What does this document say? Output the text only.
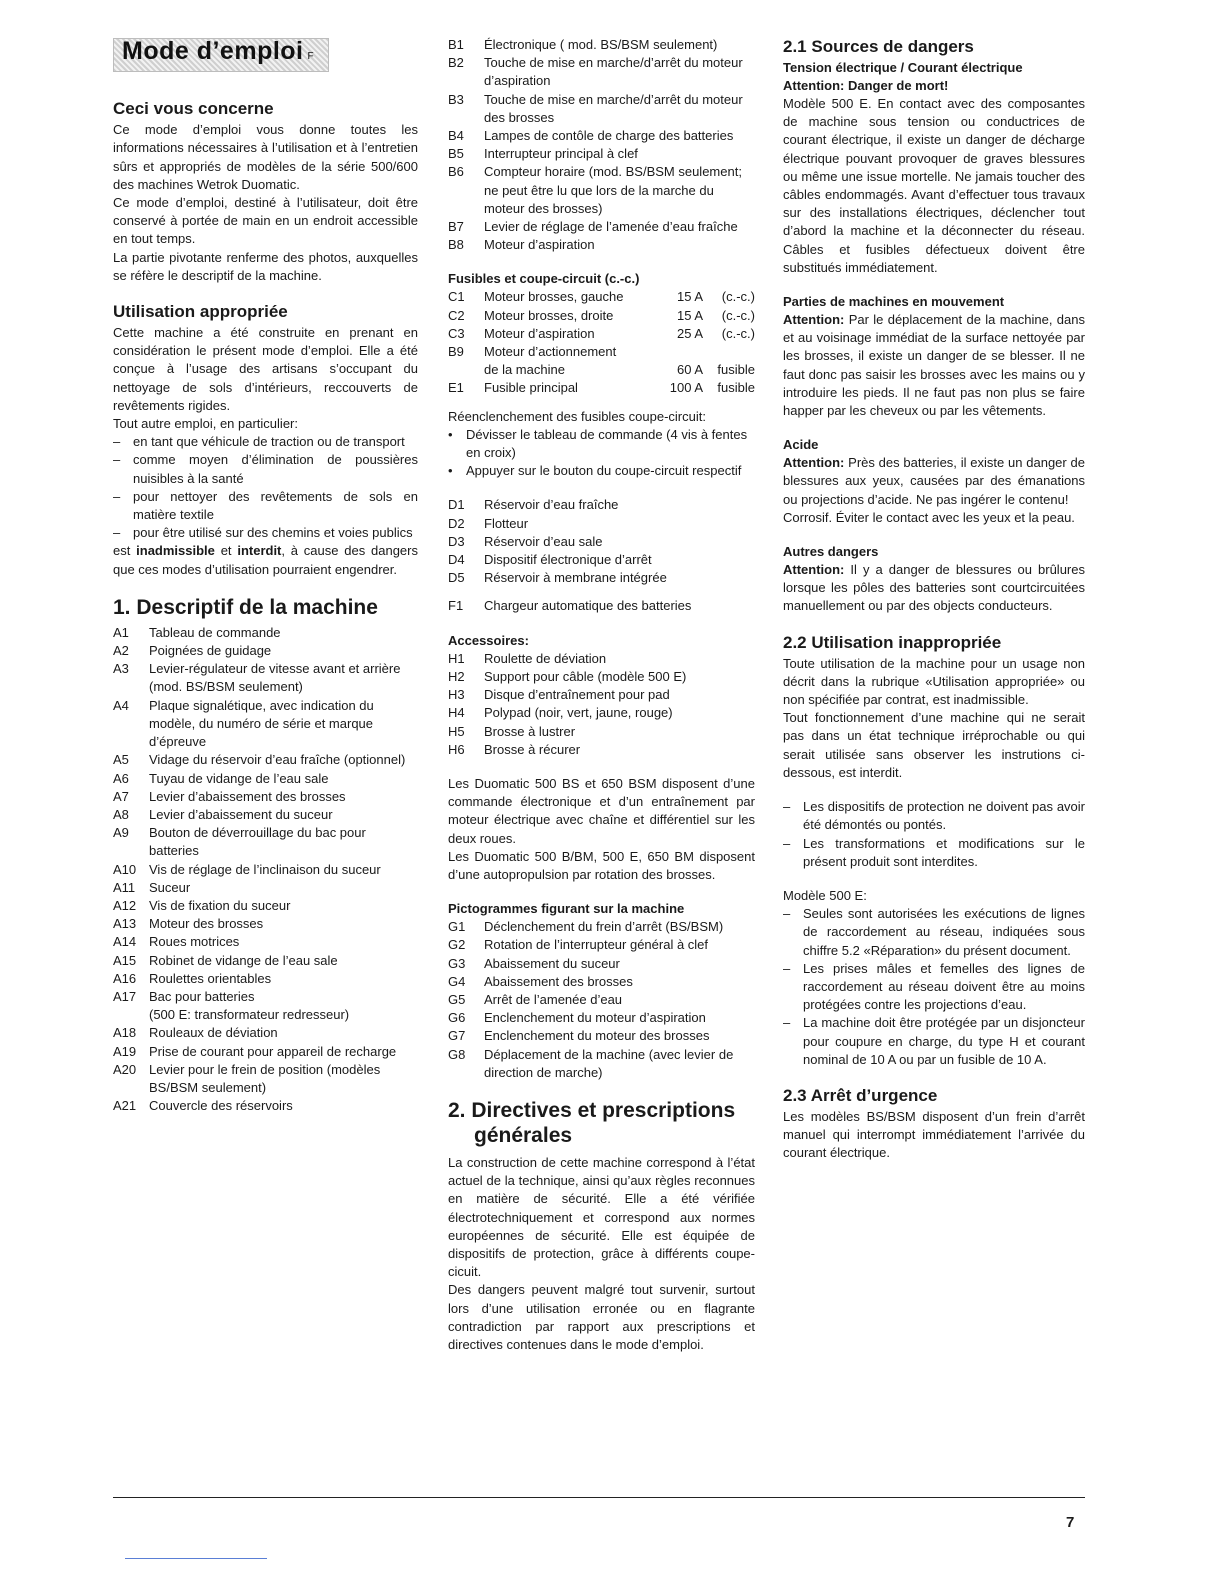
Mode d’emploi F
Ceci vous concerne

Ce mode d’emploi vous donne toutes les informations nécessaires à l’utilisation et à l’entretien sûrs et appropriés de modèles de la série 500/600 des machines Wetrok Duomatic.

Ce mode d’emploi, destiné à l’utilisateur, doit être conservé à portée de main en un endroit accessible en tout temps.

La partie pivotante renferme des photos, auxquelles se réfère le descriptif de la machine.

Utilisation appropriée

Cette machine a été construite en prenant en considération le présent mode d’emploi. Elle a été conçue à l’usage des artisans s’occupant du nettoyage de sols d’intérieurs, reccouverts de revêtements rigides.

Tout autre emploi, en particulier:

– en tant que véhicule de traction ou de transport
– comme moyen d’élimination de poussières nuisibles à la santé
– pour nettoyer des revêtements de sols en matière textile
– pour être utilisé sur des chemins et voies publics

est inadmissible et interdit, à cause des dangers que ces modes d’utilisation pourraient engendrer.

1. Descriptif de la machine
A1	Tableau de commande
A2	Poignées de guidage
A3	Levier-régulateur de vitesse avant et arrière (mod. BS/BSM seulement)
A4	Plaque signalétique, avec indication du modèle, du numéro de série et marque d’épreuve
A5	Vidage du réservoir d’eau fraîche (optionnel)
A6	Tuyau de vidange de l’eau sale
A7	Levier d’abaissement des brosses
A8	Levier d’abaissement du suceur
A9	Bouton de déverrouillage du bac pour batteries
A10 Vis de réglage de l’inclinaison du suceur
A11	Suceur
A12 Vis de fixation du suceur
A13 Moteur des brosses
A14 Roues motrices
A15 Robinet de vidange de l’eau sale
A16 Roulettes orientables
A17 Bac pour batteries
(500 E: transformateur redresseur)
A18 Rouleaux de déviation
A19 Prise de courant pour appareil de recharge
A20 Levier pour le frein de position (modèles BS/BSM seulement)
A21 Couvercle des réservoirs
B1	Électronique ( mod. BS/BSM seulement)
B2	Touche de mise en marche/d’arrêt du moteur d’aspiration
B3	Touche de mise en marche/d’arrêt du moteur des brosses
B4	Lampes de contôle de charge des batteries
B5	Interrupteur principal à clef
B6	Compteur horaire (mod. BS/BSM seulement; ne peut être lu que lors de la marche du moteur des brosses)
B7	Levier de réglage de l’amenée d’eau fraîche
B8	Moteur d’aspiration
Fusibles et coupe-circuit (c.-c.)
C1	Moteur brosses, gauche	15 A	(c.-c.)
C2	Moteur brosses, droite	15 A	(c.-c.)
C3	Moteur d’aspiration	25 A	(c.-c.)
B9	Moteur d’actionnement
de la machine	60 A	fusible
E1	Fusible principal	100 A	fusible

Réenclenchement des fusibles coupe-circuit:

•	Dévisser le tableau de commande (4 vis à fentes en croix)
•	Appuyer sur le bouton du coupe-circuit respectif
D1	Réservoir d’eau fraîche
D2	Flotteur
D3	Réservoir d’eau sale
D4	Dispositif électronique d’arrêt
D5	Réservoir à membrane intégrée
F1	Chargeur automatique des batteries
Accessoires:
H1	Roulette de déviation
H2	Support pour câble (modèle 500 E)
H3	Disque d’entraînement pour pad
H4	Polypad (noir, vert, jaune, rouge)
H5	Brosse à lustrer
H6	Brosse à récurer

Les Duomatic 500 BS et 650 BSM disposent d’une commande électronique et d’un entraînement par moteur électrique avec chaîne et différentiel sur les deux roues.

Les Duomatic 500 B/BM, 500 E, 650 BM disposent d’une autopropulsion par rotation des brosses.

Pictogrammes figurant sur la machine
G1	Déclenchement du frein d’arrêt (BS/BSM)
G2	Rotation de l’interrupteur général à clef
G3	Abaissement du suceur
G4	Abaissement des brosses
G5	Arrêt de l’amenée d’eau
G6	Enclenchement du moteur d’aspiration
G7	Enclenchement du moteur des brosses
G8	Déplacement de la machine (avec levier de direction de marche)
2. Directives et prescriptions
générales

La construction de cette machine correspond à l’état actuel de la technique, ainsi qu’aux règles reconnues en matière de sécurité. Elle a été vérifiée électrotechniquement et correspond aux normes européennes de sécurité. Elle est équipée de dispositifs de protection, grâce à différents coupe-cicuit.

Des dangers peuvent malgré tout survenir, surtout lors d’une utilisation erronée ou en flagrante contradiction par rapport aux prescriptions et directives contenues dans le mode d’emploi.

2.1 Sources de dangers
Tension électrique / Courant électrique
Attention: Danger de mort!

Modèle 500 E. En contact avec des composantes de machine sous tension ou conductrices de courant électrique, il existe un danger de décharge électrique pouvant provoquer de graves blessures ou même une issue mortelle. Ne jamais toucher des câbles endommagés. Avant d’effectuer tous travaux sur des installations électriques, déclencher tout d’abord la machine et la déconnecter du réseau. Câbles et fusibles défectueux doivent être substitués immédiatement.

Parties de machines en mouvement

Attention: Par le déplacement de la machine, dans et au voisinage immédiat de la surface nettoyée par les brosses, il existe un danger de se blesser. Il ne faut donc pas saisir les brosses avec les mains ou y introduire les pieds. Il ne faut pas non plus se faire happer par les cheveux ou par les vêtements.

Acide

Attention: Près des batteries, il existe un danger de blessures aux yeux, causées par des émanations ou projections d’acide. Ne pas ingérer le contenu!

Corrosif. Éviter le contact avec les yeux et la peau.

Autres dangers

Attention: Il y a danger de blessures ou brûlures lorsque les pôles des batteries sont courtcircuitées manuellement ou par des objects conducteurs.

2.2 Utilisation inappropriée

Toute utilisation de la machine pour un usage non décrit dans la rubrique «Utilisation appropriée» ou non spécifiée par contrat, est inadmissible.

Tout fonctionnement d’une machine qui ne serait pas dans un état technique irréprochable ou qui serait utilisée sans observer les instrutions ci-dessous, est interdit.

– Les dispositifs de protection ne doivent pas avoir été démontés ou pontés.
– Les transformations et modifications sur le présent produit sont interdites.

Modèle 500 E:

– Seules sont autorisées les exécutions de lignes de raccordement au réseau, indiquées sous chiffre 5.2 «Réparation» du présent document.
– Les prises mâles et femelles des lignes de raccordement au réseau doivent être au moins protégées contre les projections d’eau.
– La machine doit être protégée par un disjoncteur pour coupure en charge, du type H et courant nominal de 10 A ou par un fusible de 10 A.
2.3 Arrêt d’urgence

Les modèles BS/BSM disposent d’un frein d’arrêt manuel qui interrompt immédiatement l’arrivée du courant électrique.

7
